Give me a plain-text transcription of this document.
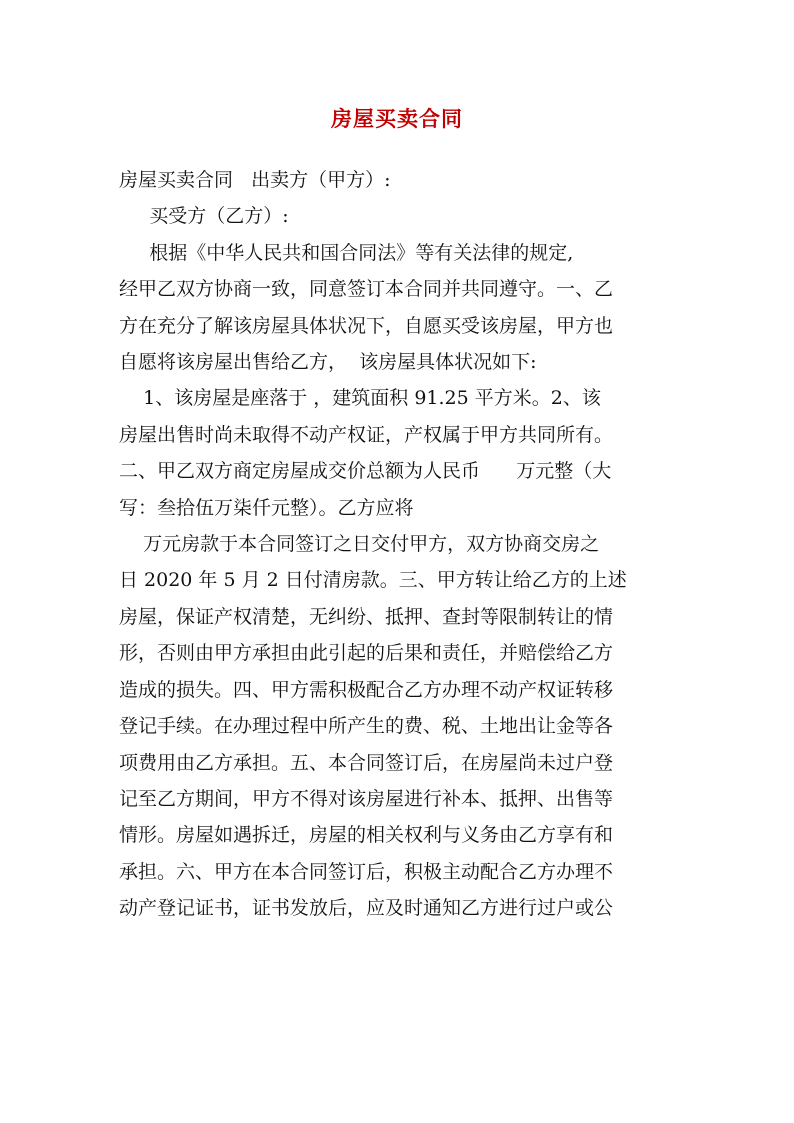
房屋买卖合同

房屋买卖合同   出卖方（甲方）:

买受方（乙方）:

根据《中华人民共和国合同法》等有关法律的规定,

经甲乙双方协商一致，同意签订本合同并共同遵守。一、乙

方在充分了解该房屋具体状况下，自愿买受该房屋，甲方也

自愿将该房屋出售给乙方，  该房屋具体状况如下:

1、该房屋是座落于 ，建筑面积 91.25 平方米。2、该

房屋出售时尚未取得不动产权证，产权属于甲方共同所有。

二、甲乙双方商定房屋成交价总额为人民币      万元整（大

写：叁拾伍万柒仟元整）。乙方应将

万元房款于本合同签订之日交付甲方，双方协商交房之

日 2020 年 5 月 2 日付清房款。三、甲方转让给乙方的上述

房屋，保证产权清楚，无纠纷、抵押、查封等限制转让的情

形，否则由甲方承担由此引起的后果和责任，并赔偿给乙方

造成的损失。四、甲方需积极配合乙方办理不动产权证转移

登记手续。在办理过程中所产生的费、税、土地出让金等各

项费用由乙方承担。五、本合同签订后，在房屋尚未过户登

记至乙方期间，甲方不得对该房屋进行补本、抵押、出售等

情形。房屋如遇拆迁，房屋的相关权利与义务由乙方享有和

承担。六、甲方在本合同签订后，积极主动配合乙方办理不

动产登记证书，证书发放后，应及时通知乙方进行过户或公
